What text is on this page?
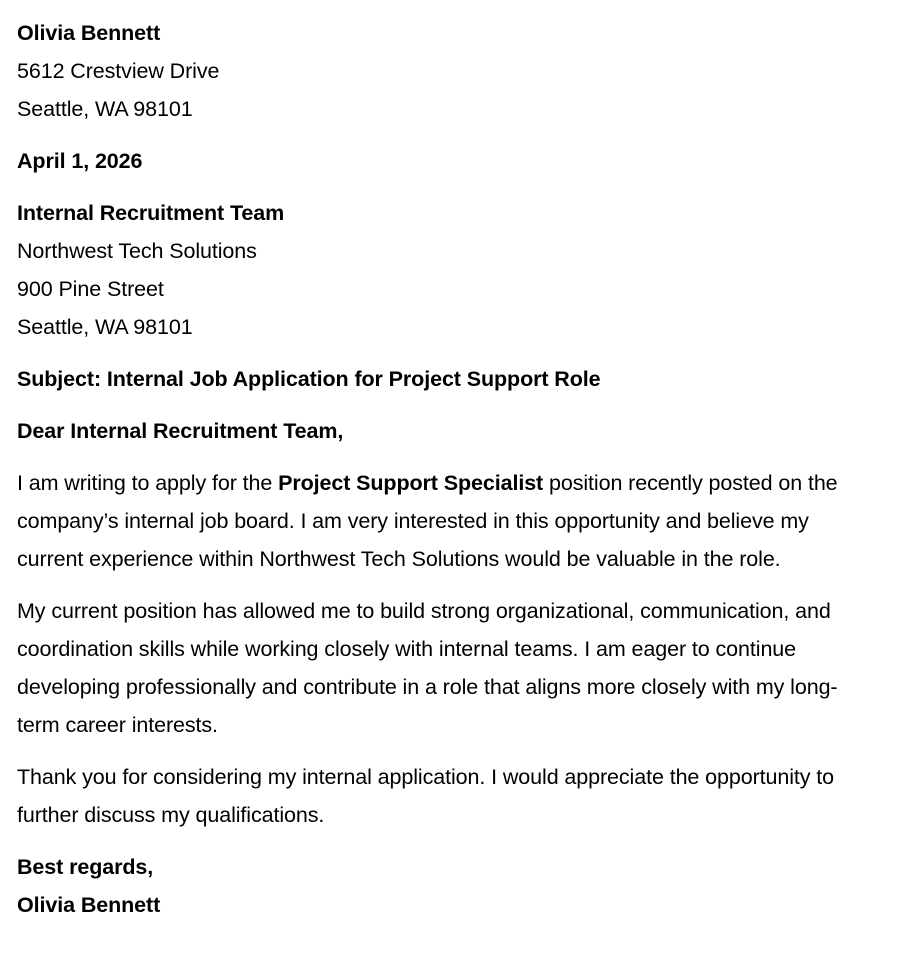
Olivia Bennett
5612 Crestview Drive
Seattle, WA 98101
April 1, 2026
Internal Recruitment Team
Northwest Tech Solutions
900 Pine Street
Seattle, WA 98101
Subject: Internal Job Application for Project Support Role
Dear Internal Recruitment Team,
I am writing to apply for the Project Support Specialist position recently posted on the company’s internal job board. I am very interested in this opportunity and believe my current experience within Northwest Tech Solutions would be valuable in the role.
My current position has allowed me to build strong organizational, communication, and coordination skills while working closely with internal teams. I am eager to continue developing professionally and contribute in a role that aligns more closely with my long-term career interests.
Thank you for considering my internal application. I would appreciate the opportunity to further discuss my qualifications.
Best regards,
Olivia Bennett
